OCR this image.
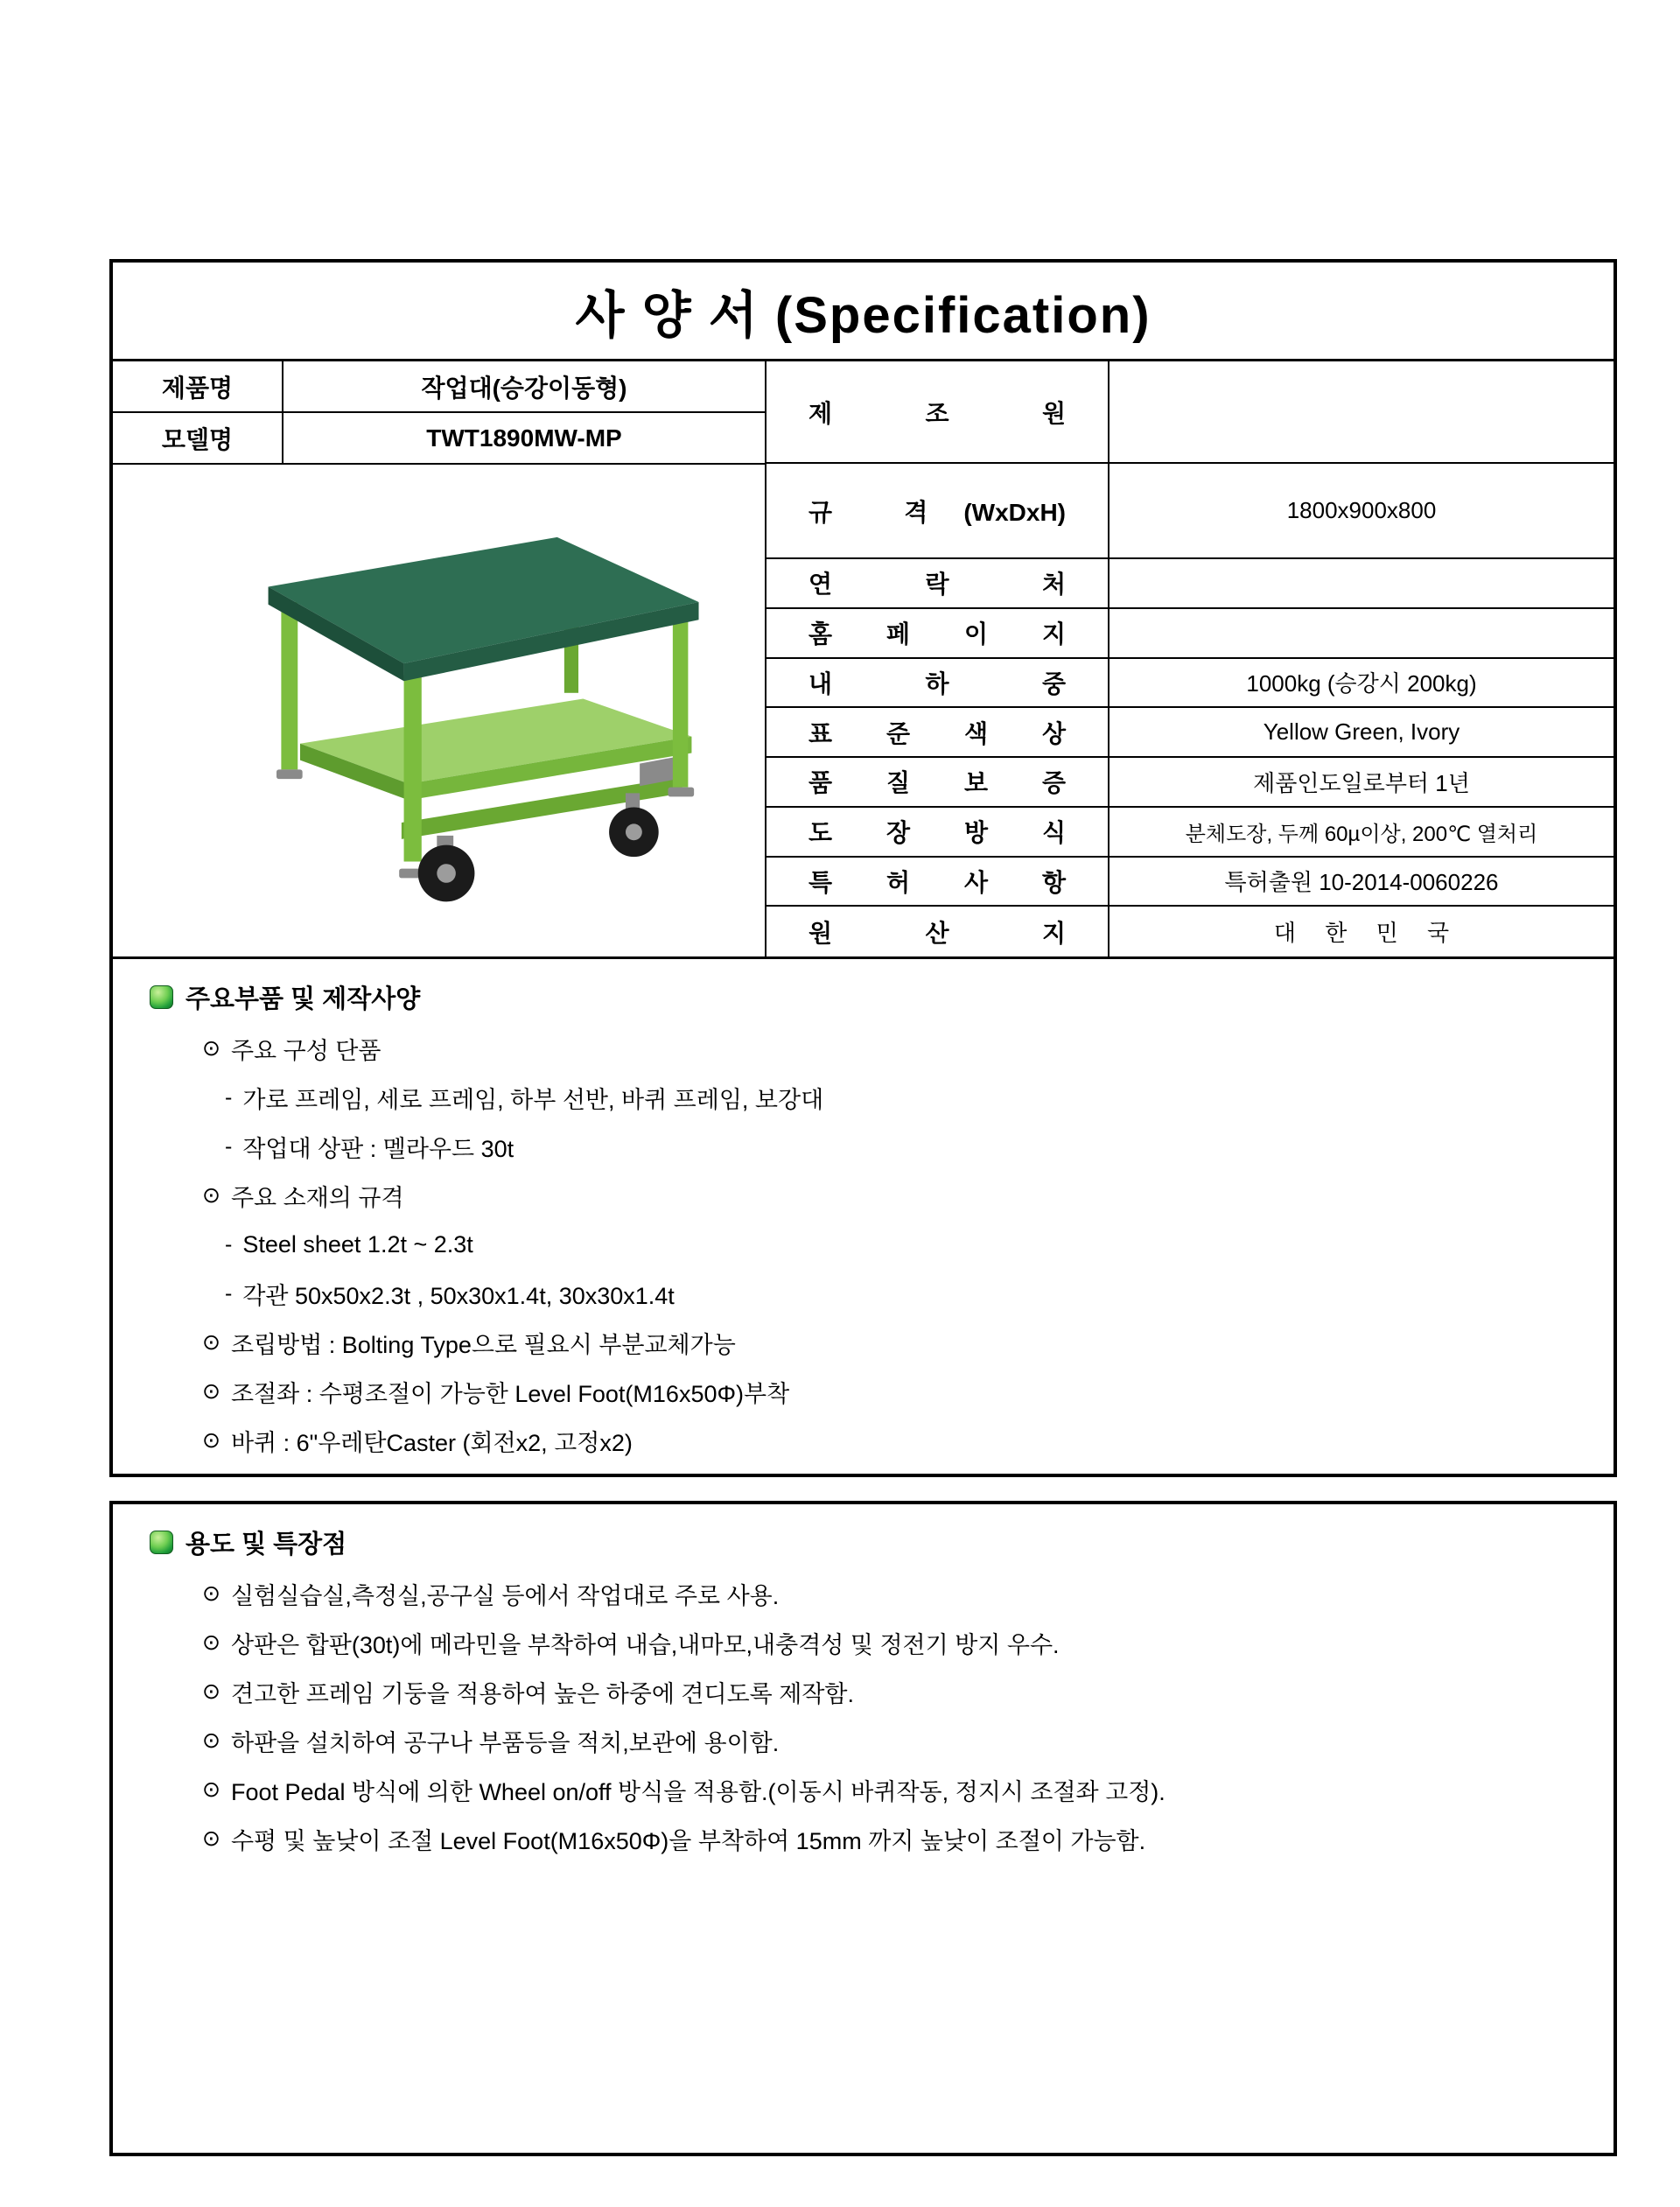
사 양 서 (Specification)
제품명	작업대(승강이동형)
모델명	TWT1890MW-MP
제  조  원
규  격 (WxDxH)	1800x900x800
연  락  처
홈  페  이  지
내  하  중	1000kg (승강시 200kg)
표  준  색  상	Yellow Green, Ivory
품  질  보  증	제품인도일로부터 1년
도  장  방  식	분체도장, 두께 60µ이상, 200℃ 열처리
특  허  사  항	특허출원 10-2014-0060226
원  산  지	대 한 민 국
주요부품 및 제작사양
⊙ 주요 구성 단품
- 가로 프레임, 세로 프레임, 하부 선반, 바퀴 프레임, 보강대
- 작업대 상판 : 멜라우드 30t
⊙ 주요 소재의 규격
- Steel sheet 1.2t ~ 2.3t
- 각관 50x50x2.3t , 50x30x1.4t, 30x30x1.4t
⊙ 조립방법 : Bolting Type으로 필요시 부분교체가능
⊙ 조절좌 : 수평조절이 가능한 Level Foot(M16x50Φ)부착
⊙ 바퀴 : 6"우레탄Caster (회전x2, 고정x2)
용도 및 특장점
⊙ 실험실습실,측정실,공구실 등에서 작업대로 주로 사용.
⊙ 상판은 합판(30t)에 메라민을 부착하여 내습,내마모,내충격성 및 정전기 방지 우수.
⊙ 견고한 프레임 기둥을 적용하여 높은 하중에 견디도록 제작함.
⊙ 하판을 설치하여 공구나 부품등을 적치,보관에 용이함.
⊙ Foot Pedal 방식에 의한 Wheel on/off 방식을 적용함.(이동시 바퀴작동, 정지시 조절좌 고정).
⊙ 수평 및 높낮이 조절 Level Foot(M16x50Φ)을 부착하여 15mm 까지 높낮이 조절이 가능함.
